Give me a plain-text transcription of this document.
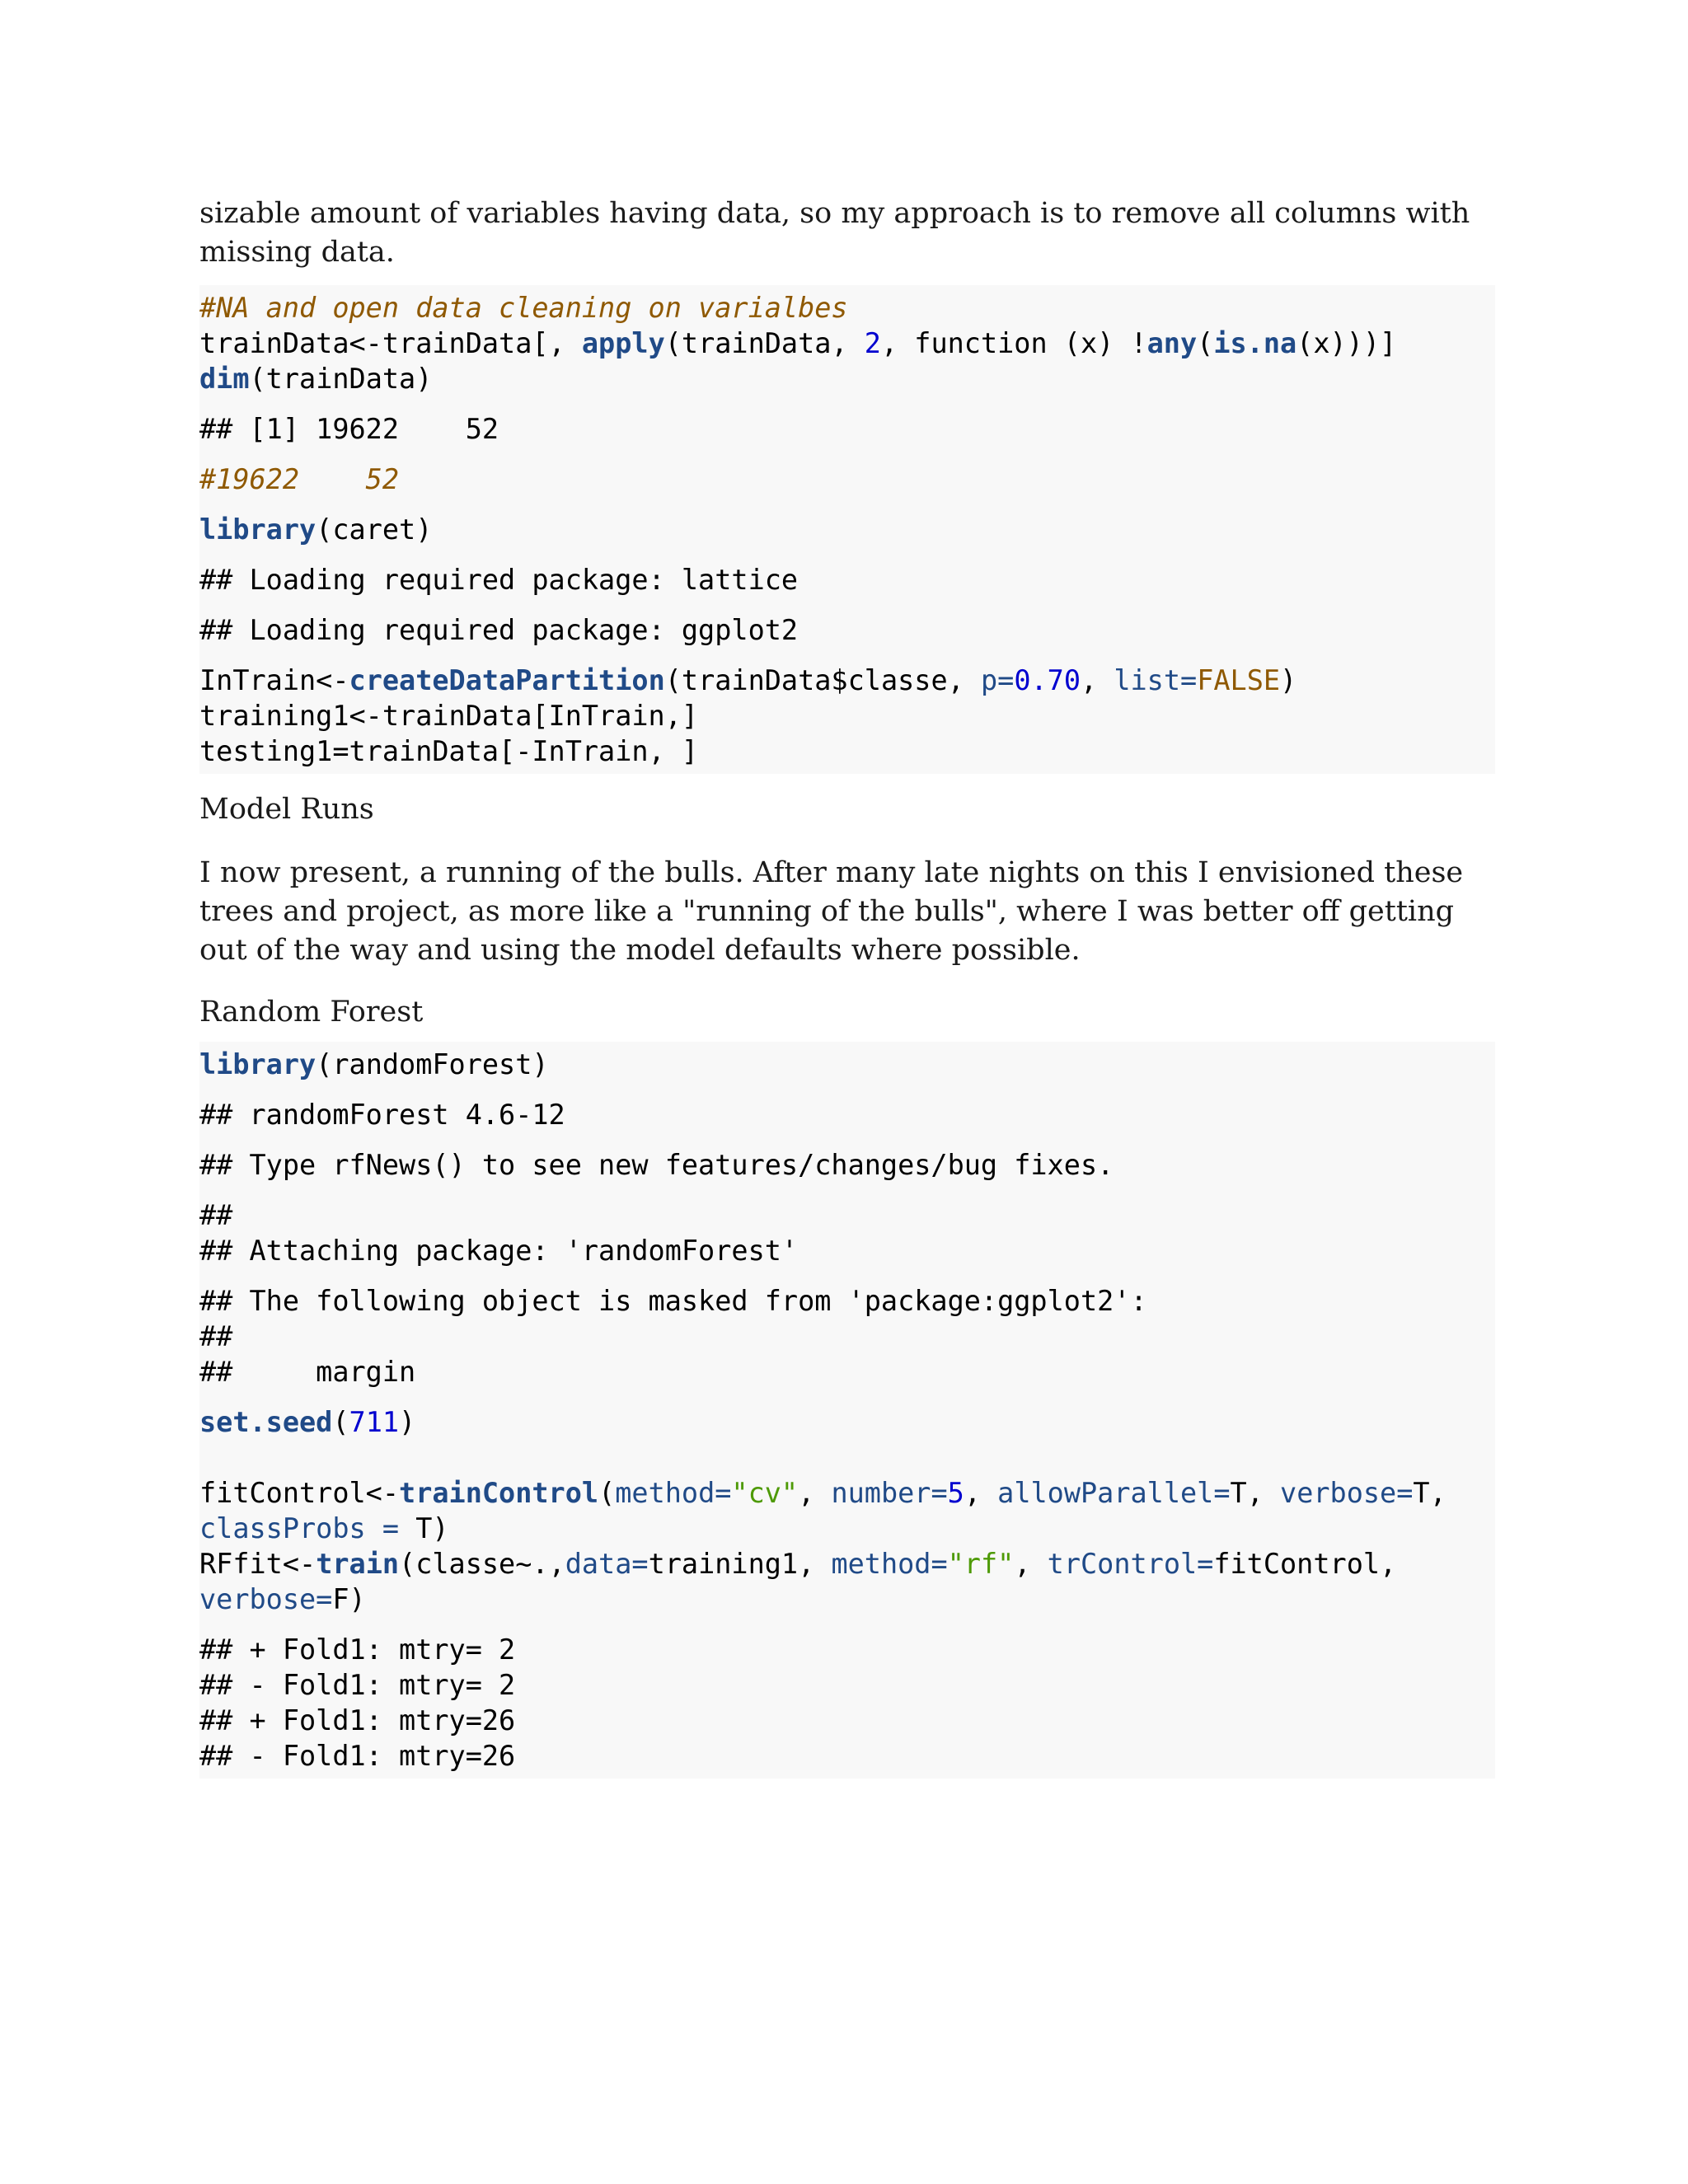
sizable amount of variables having data, so my approach is to remove all columns with missing data.

#NA and open data cleaning on varialbes
trainData<-trainData[, apply(trainData, 2, function (x) !any(is.na(x)))]
dim(trainData)
## [1] 19622    52
#19622    52
library(caret)
## Loading required package: lattice
## Loading required package: ggplot2
InTrain<-createDataPartition(trainData$classe, p=0.70, list=FALSE)
training1<-trainData[InTrain,]
testing1=trainData[-InTrain, ]
Model Runs

I now present, a running of the bulls. After many late nights on this I envisioned these trees and project, as more like a "running of the bulls", where I was better off getting out of the way and using the model defaults where possible.

Random Forest
library(randomForest)
## randomForest 4.6-12
## Type rfNews() to see new features/changes/bug fixes.
##
## Attaching package: 'randomForest'
## The following object is masked from 'package:ggplot2':
##
##     margin
set.seed(711)
fitControl<-trainControl(method="cv", number=5, allowParallel=T, verbose=T,
classProbs = T)
RFfit<-train(classe~.,data=training1, method="rf", trControl=fitControl,
verbose=F)
## + Fold1: mtry= 2
## - Fold1: mtry= 2
## + Fold1: mtry=26
## - Fold1: mtry=26
